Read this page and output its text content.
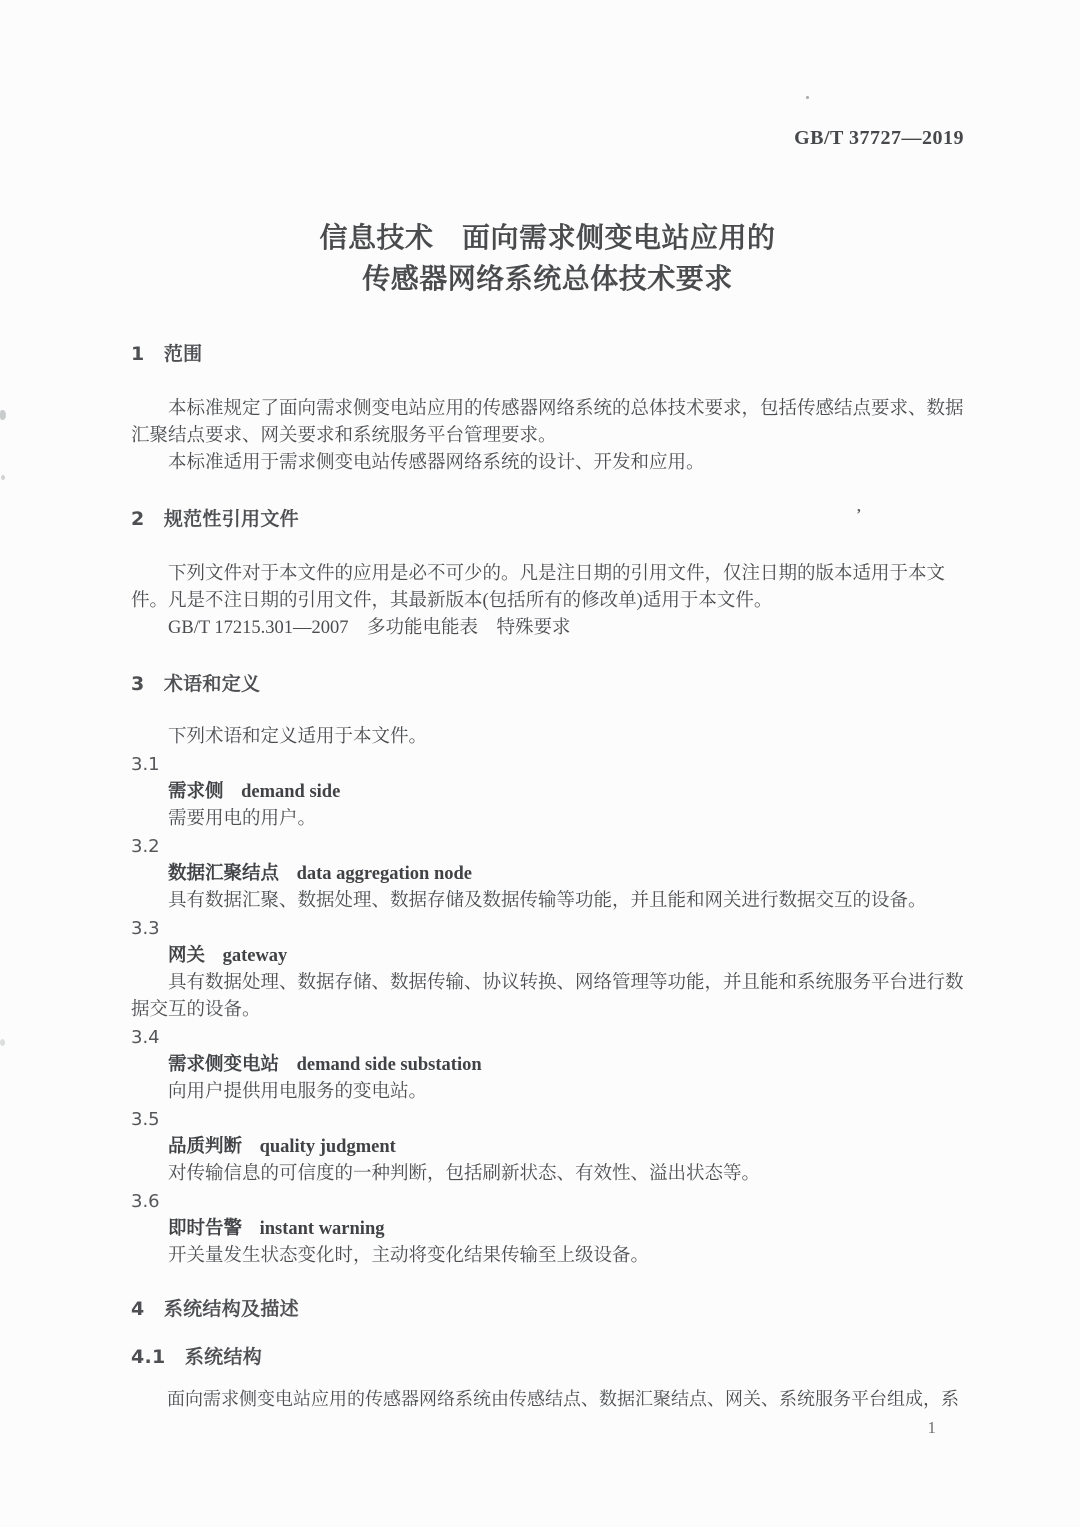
,
GB/T 37727—2019
信息技术　面向需求侧变电站应用的
传感器网络系统总体技术要求
1　范围

本标准规定了面向需求侧变电站应用的传感器网络系统的总体技术要求，包括传感结点要求、数据汇聚结点要求、网关要求和系统服务平台管理要求。

本标准适用于需求侧变电站传感器网络系统的设计、开发和应用。

2　规范性引用文件

下列文件对于本文件的应用是必不可少的。凡是注日期的引用文件，仅注日期的版本适用于本文件。凡是不注日期的引用文件，其最新版本(包括所有的修改单)适用于本文件。

GB/T 17215.301—2007　多功能电能表　特殊要求

3　术语和定义

下列术语和定义适用于本文件。

3.1
需求侧 demand side

需要用电的用户。

3.2
数据汇聚结点 data aggregation node

具有数据汇聚、数据处理、数据存储及数据传输等功能，并且能和网关进行数据交互的设备。

3.3
网关 gateway

具有数据处理、数据存储、数据传输、协议转换、网络管理等功能，并且能和系统服务平台进行数据交互的设备。

3.4
需求侧变电站 demand side substation

向用户提供用电服务的变电站。

3.5
品质判断 quality judgment

对传输信息的可信度的一种判断，包括刷新状态、有效性、溢出状态等。

3.6
即时告警 instant warning

开关量发生状态变化时，主动将变化结果传输至上级设备。

4　系统结构及描述
4.1　系统结构

面向需求侧变电站应用的传感器网络系统由传感结点、数据汇聚结点、网关、系统服务平台组成，系

1
